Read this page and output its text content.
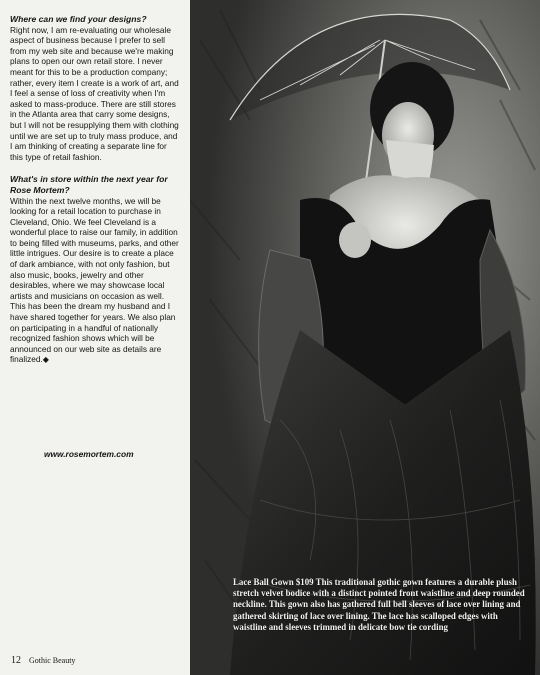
Where can we find your designs?

Right now, I am re-evaluating our wholesale aspect of business because I prefer to sell from my web site and because we're making plans to open our own retail store. I never meant for this to be a production company; rather, every item I create is a work of art, and I feel a sense of loss of creativity when I'm asked to mass-produce. There are still stores in the Atlanta area that carry some designs, but I will not be resupplying them with clothing until we are set up to truly mass produce, and I am thinking of creating a separate line for this type of retail fashion.

What's in store within the next year for Rose Mortem?

Within the next twelve months, we will be looking for a retail location to purchase in Cleveland, Ohio. We feel Cleveland is a wonderful place to raise our family, in addition to being filled with museums, parks, and other little intrigues. Our desire is to create a place of dark ambiance, with not only fashion, but also music, books, jewelry and other desirables, where we may showcase local artists and musicians on occasion as well. This has been the dream my husband and I have shared together for years. We also plan on participating in a handful of nationally recognized fashion shows which will be announced on our web site as details are finalized.◆

www.rosemortem.com
12 Gothic Beauty
Lace Ball Gown $109 This traditional gothic gown features a durable plush stretch velvet bodice with a distinct pointed front waistline and deep rounded neckline. This gown also has gathered full bell sleeves of lace over lining and gathered skirting of lace over lining. The lace has scalloped edges with waistline and sleeves trimmed in delicate bow tie cording
